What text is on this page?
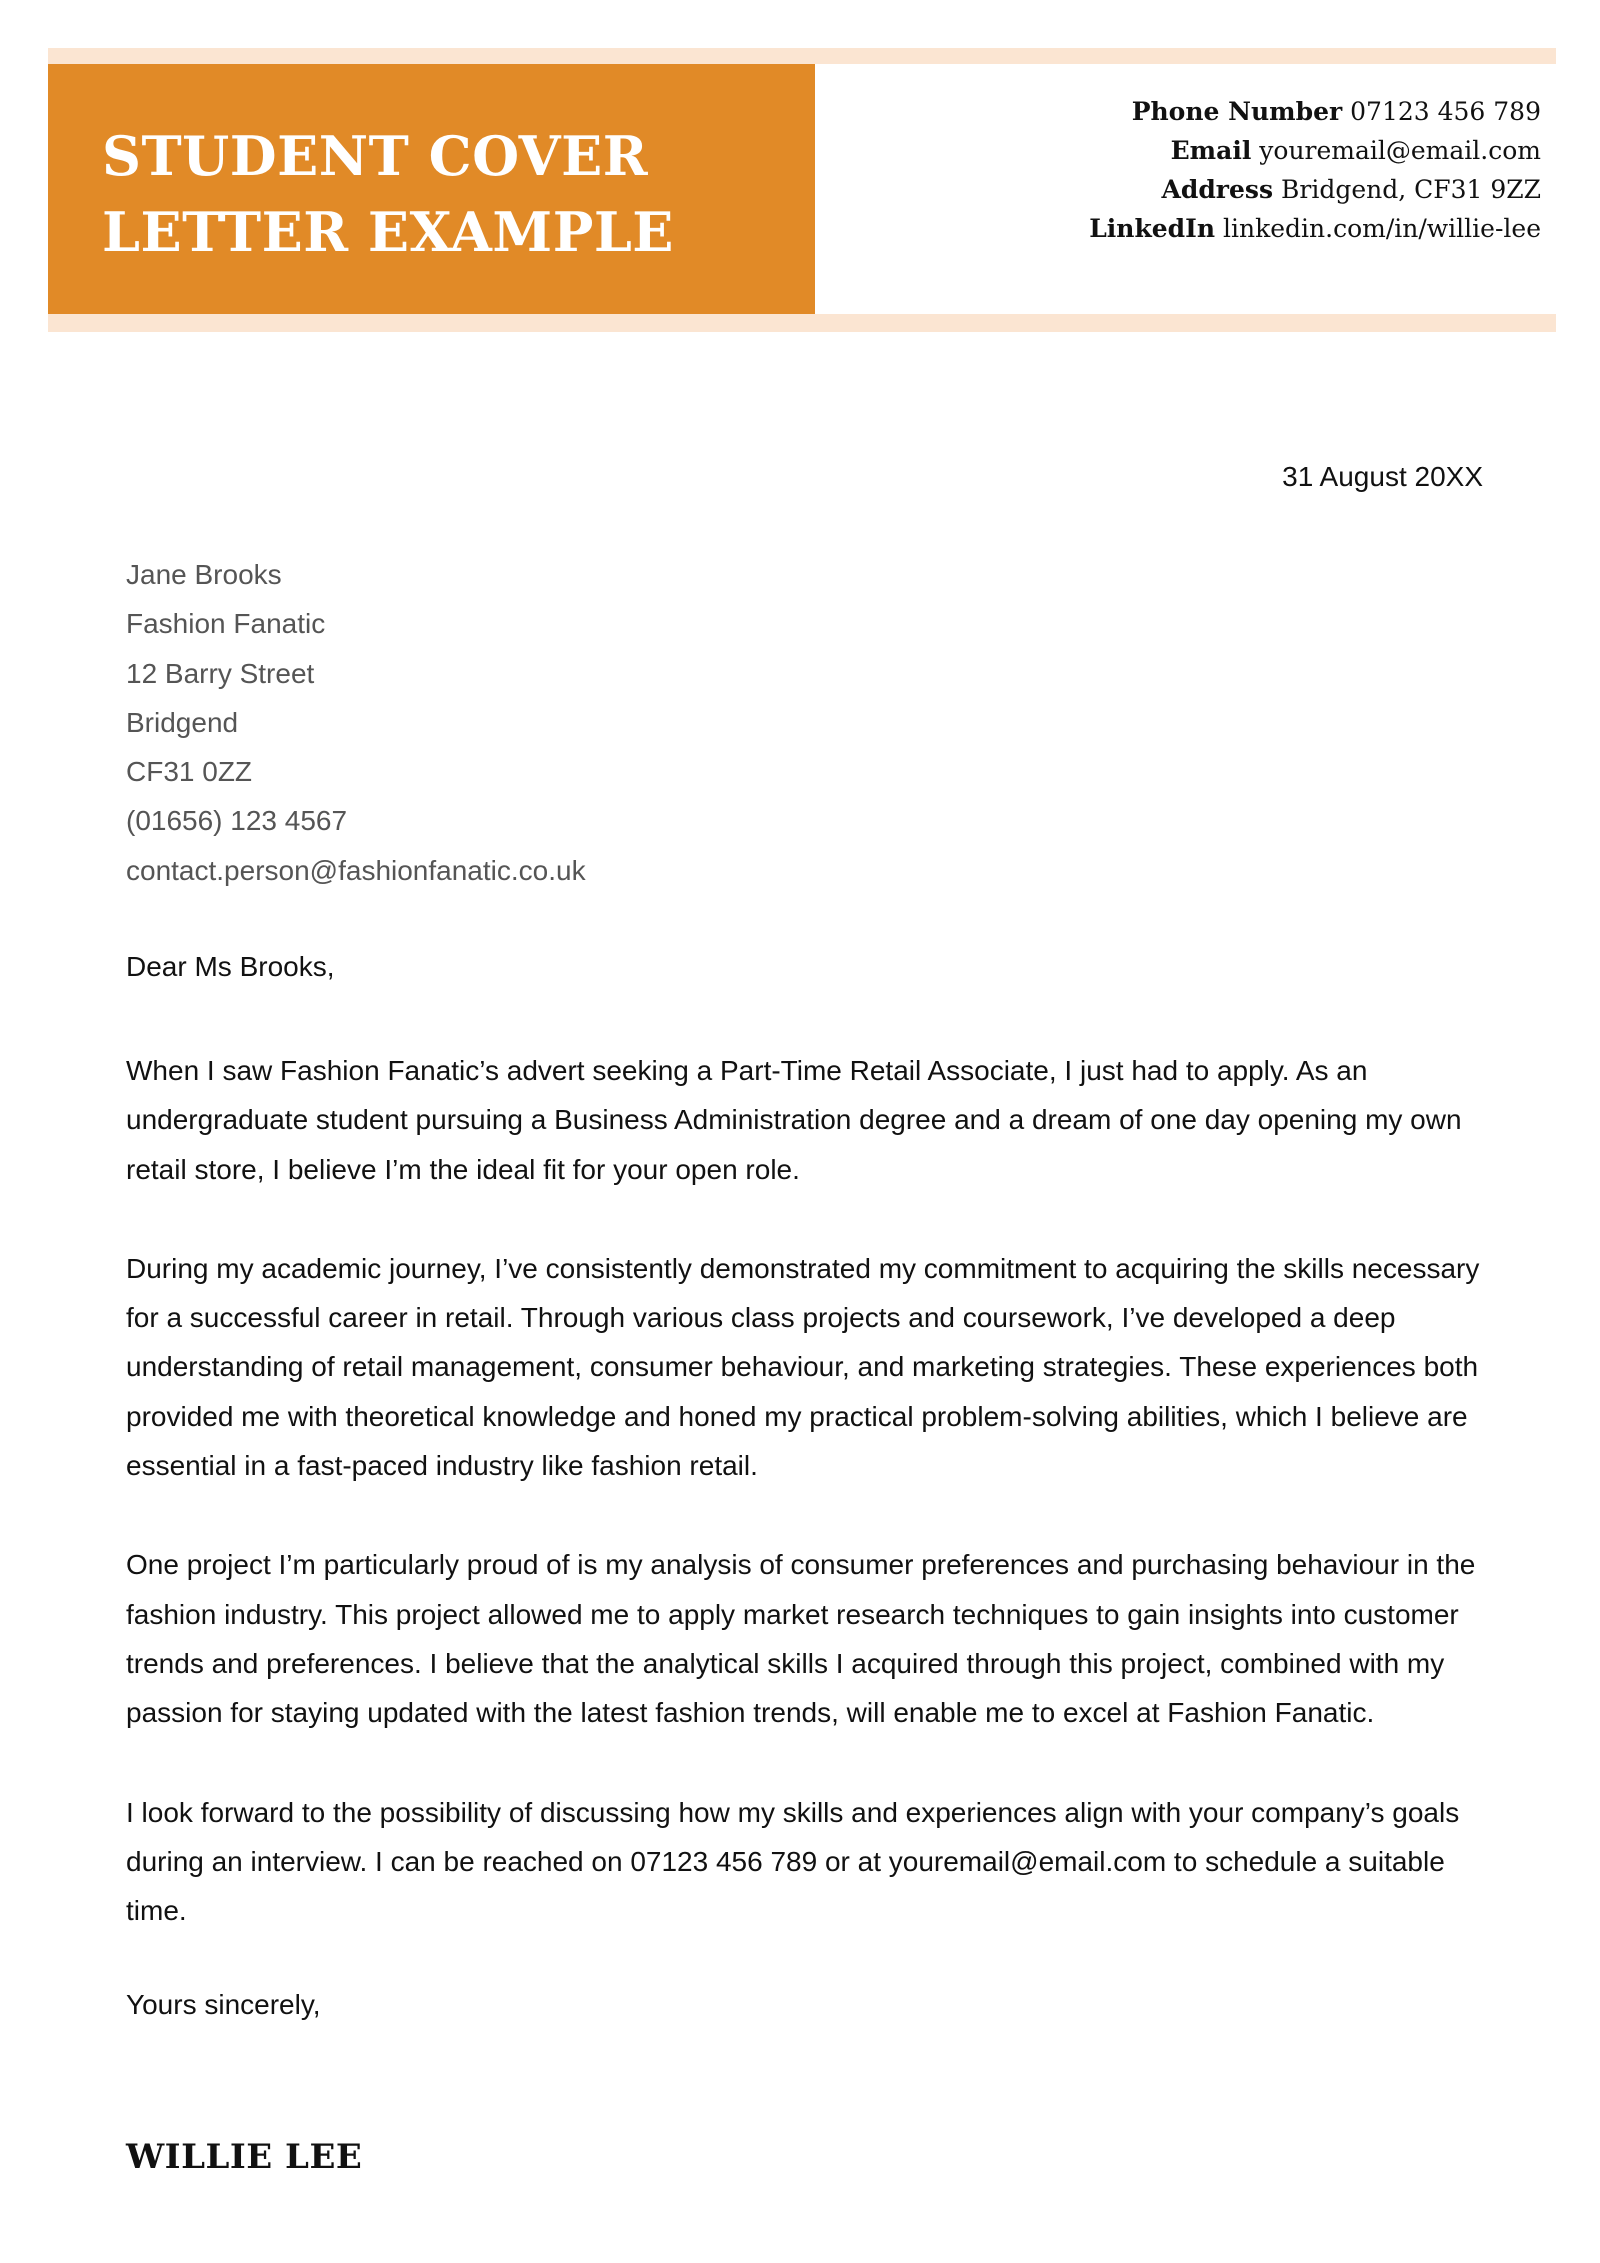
STUDENT COVER
LETTER EXAMPLE
Phone Number 07123 456 789
Email youremail@email.com
Address Bridgend, CF31 9ZZ
LinkedIn linkedin.com/in/willie-lee
31 August 20XX
Jane Brooks
Fashion Fanatic
12 Barry Street
Bridgend
CF31 0ZZ
(01656) 123 4567
contact.person@fashionfanatic.co.uk

Dear Ms Brooks,

When I saw Fashion Fanatic’s advert seeking a Part-Time Retail Associate, I just had to apply. As an undergraduate student pursuing a Business Administration degree and a dream of one day opening my own retail store, I believe I’m the ideal fit for your open role.

During my academic journey, I’ve consistently demonstrated my commitment to acquiring the skills necessary for a successful career in retail. Through various class projects and coursework, I’ve developed a deep understanding of retail management, consumer behaviour, and marketing strategies. These experiences both provided me with theoretical knowledge and honed my practical problem-solving abilities, which I believe are essential in a fast-paced industry like fashion retail.

One project I’m particularly proud of is my analysis of consumer preferences and purchasing behaviour in the fashion industry. This project allowed me to apply market research techniques to gain insights into customer trends and preferences. I believe that the analytical skills I acquired through this project, combined with my passion for staying updated with the latest fashion trends, will enable me to excel at Fashion Fanatic.

I look forward to the possibility of discussing how my skills and experiences align with your company’s goals during an interview. I can be reached on 07123 456 789 or at youremail@email.com to schedule a suitable time.

Yours sincerely,

WILLIE LEE
